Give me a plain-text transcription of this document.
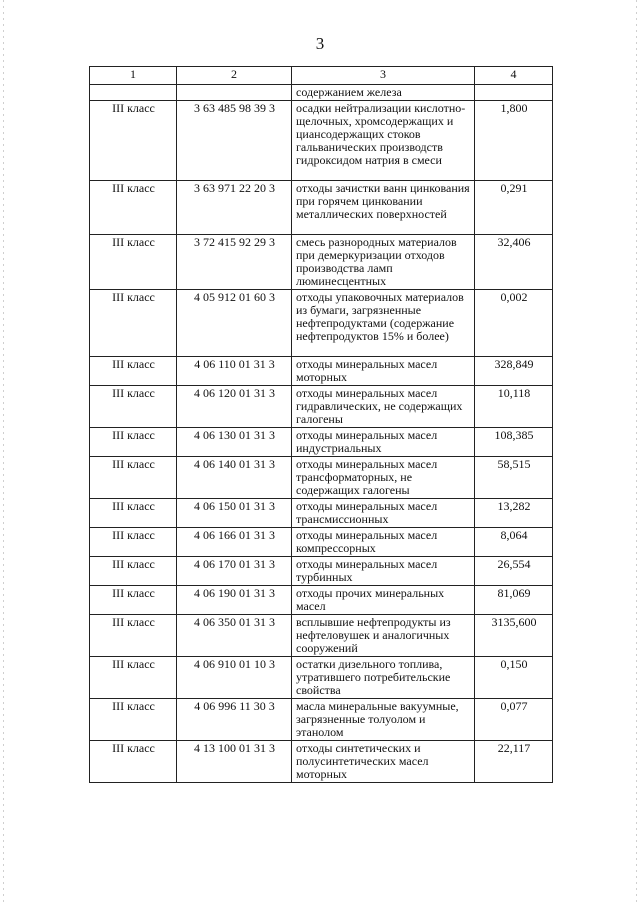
3
1	2	3	4
		содержанием железа	
III класс	3 63 485 98 39 3	осадки нейтрализации кислотно-щелочных, хромсодержащих и циансодержащих стоков гальванических производств гидроксидом натрия в смеси	1,800
III класс	3 63 971 22 20 3	отходы зачистки ванн цинкования при горячем цинковании металлических поверхностей	0,291
III класс	3 72 415 92 29 3	смесь разнородных материалов при демеркуризации отходов производства ламп люминесцентных	32,406
III класс	4 05 912 01 60 3	отходы упаковочных материалов из бумаги, загрязненные нефтепродуктами (содержание нефтепродуктов 15% и более)	0,002
III класс	4 06 110 01 31 3	отходы минеральных масел моторных	328,849
III класс	4 06 120 01 31 3	отходы минеральных масел гидравлических, не содержащих галогены	10,118
III класс	4 06 130 01 31 3	отходы минеральных масел индустриальных	108,385
III класс	4 06 140 01 31 3	отходы минеральных масел трансформаторных, не содержащих галогены	58,515
III класс	4 06 150 01 31 3	отходы минеральных масел трансмиссионных	13,282
III класс	4 06 166 01 31 3	отходы минеральных масел компрессорных	8,064
III класс	4 06 170 01 31 3	отходы минеральных масел турбинных	26,554
III класс	4 06 190 01 31 3	отходы прочих минеральных масел	81,069
III класс	4 06 350 01 31 3	всплывшие нефтепродукты из нефтеловушек и аналогичных сооружений	3135,600
III класс	4 06 910 01 10 3	остатки дизельного топлива, утратившего потребительские свойства	0,150
III класс	4 06 996 11 30 3	масла минеральные вакуумные, загрязненные толуолом и этанолом	0,077
III класс	4 13 100 01 31 3	отходы синтетических и полусинтетических масел моторных	22,117
